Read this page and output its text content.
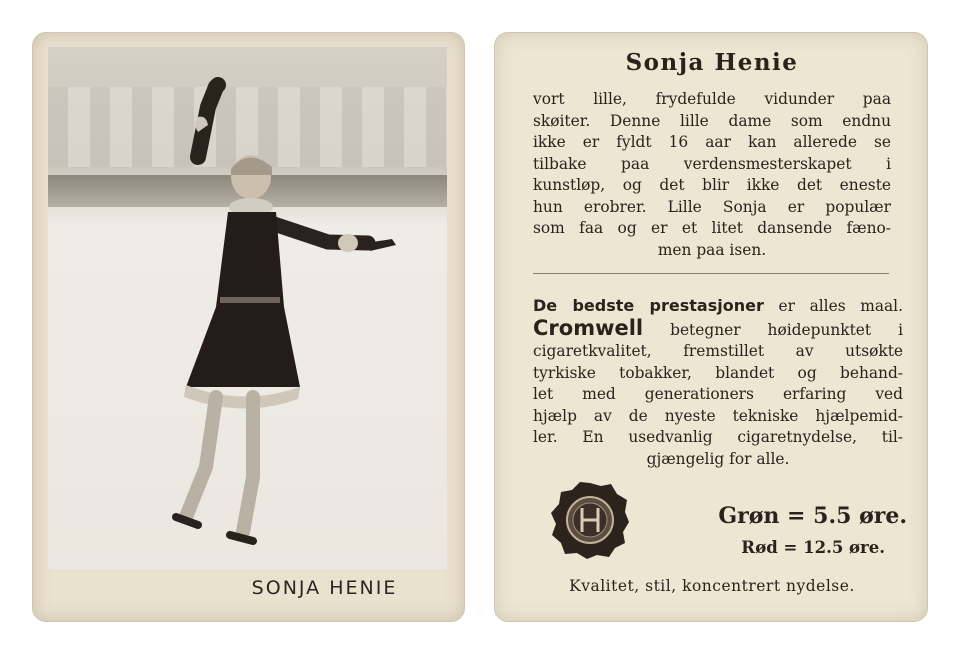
SONJA HENIE
Sonja Henie
vort lille, frydefulde vidunder paa
skøiter. Denne lille dame som endnu
ikke er fyldt 16 aar kan allerede se
tilbake paa verdensmesterskapet i
kunstløp, og det blir ikke det eneste
hun erobrer. Lille Sonja er populær
som faa og er et litet dansende fæno-
men paa isen.
De bedste prestasjoner er alles maal.
Cromwell betegner høidepunktet i
cigaretkvalitet, fremstillet av utsøkte
tyrkiske tobakker, blandet og behand-
let med generationers erfaring ved
hjælp av de nyeste tekniske hjælpemid-
ler. En usedvanlig cigaretnydelse, til-
gjængelig for alle.
Grøn = 5.5 øre.
Rød = 12.5 øre.
Kvalitet, stil, koncentrert nydelse.
